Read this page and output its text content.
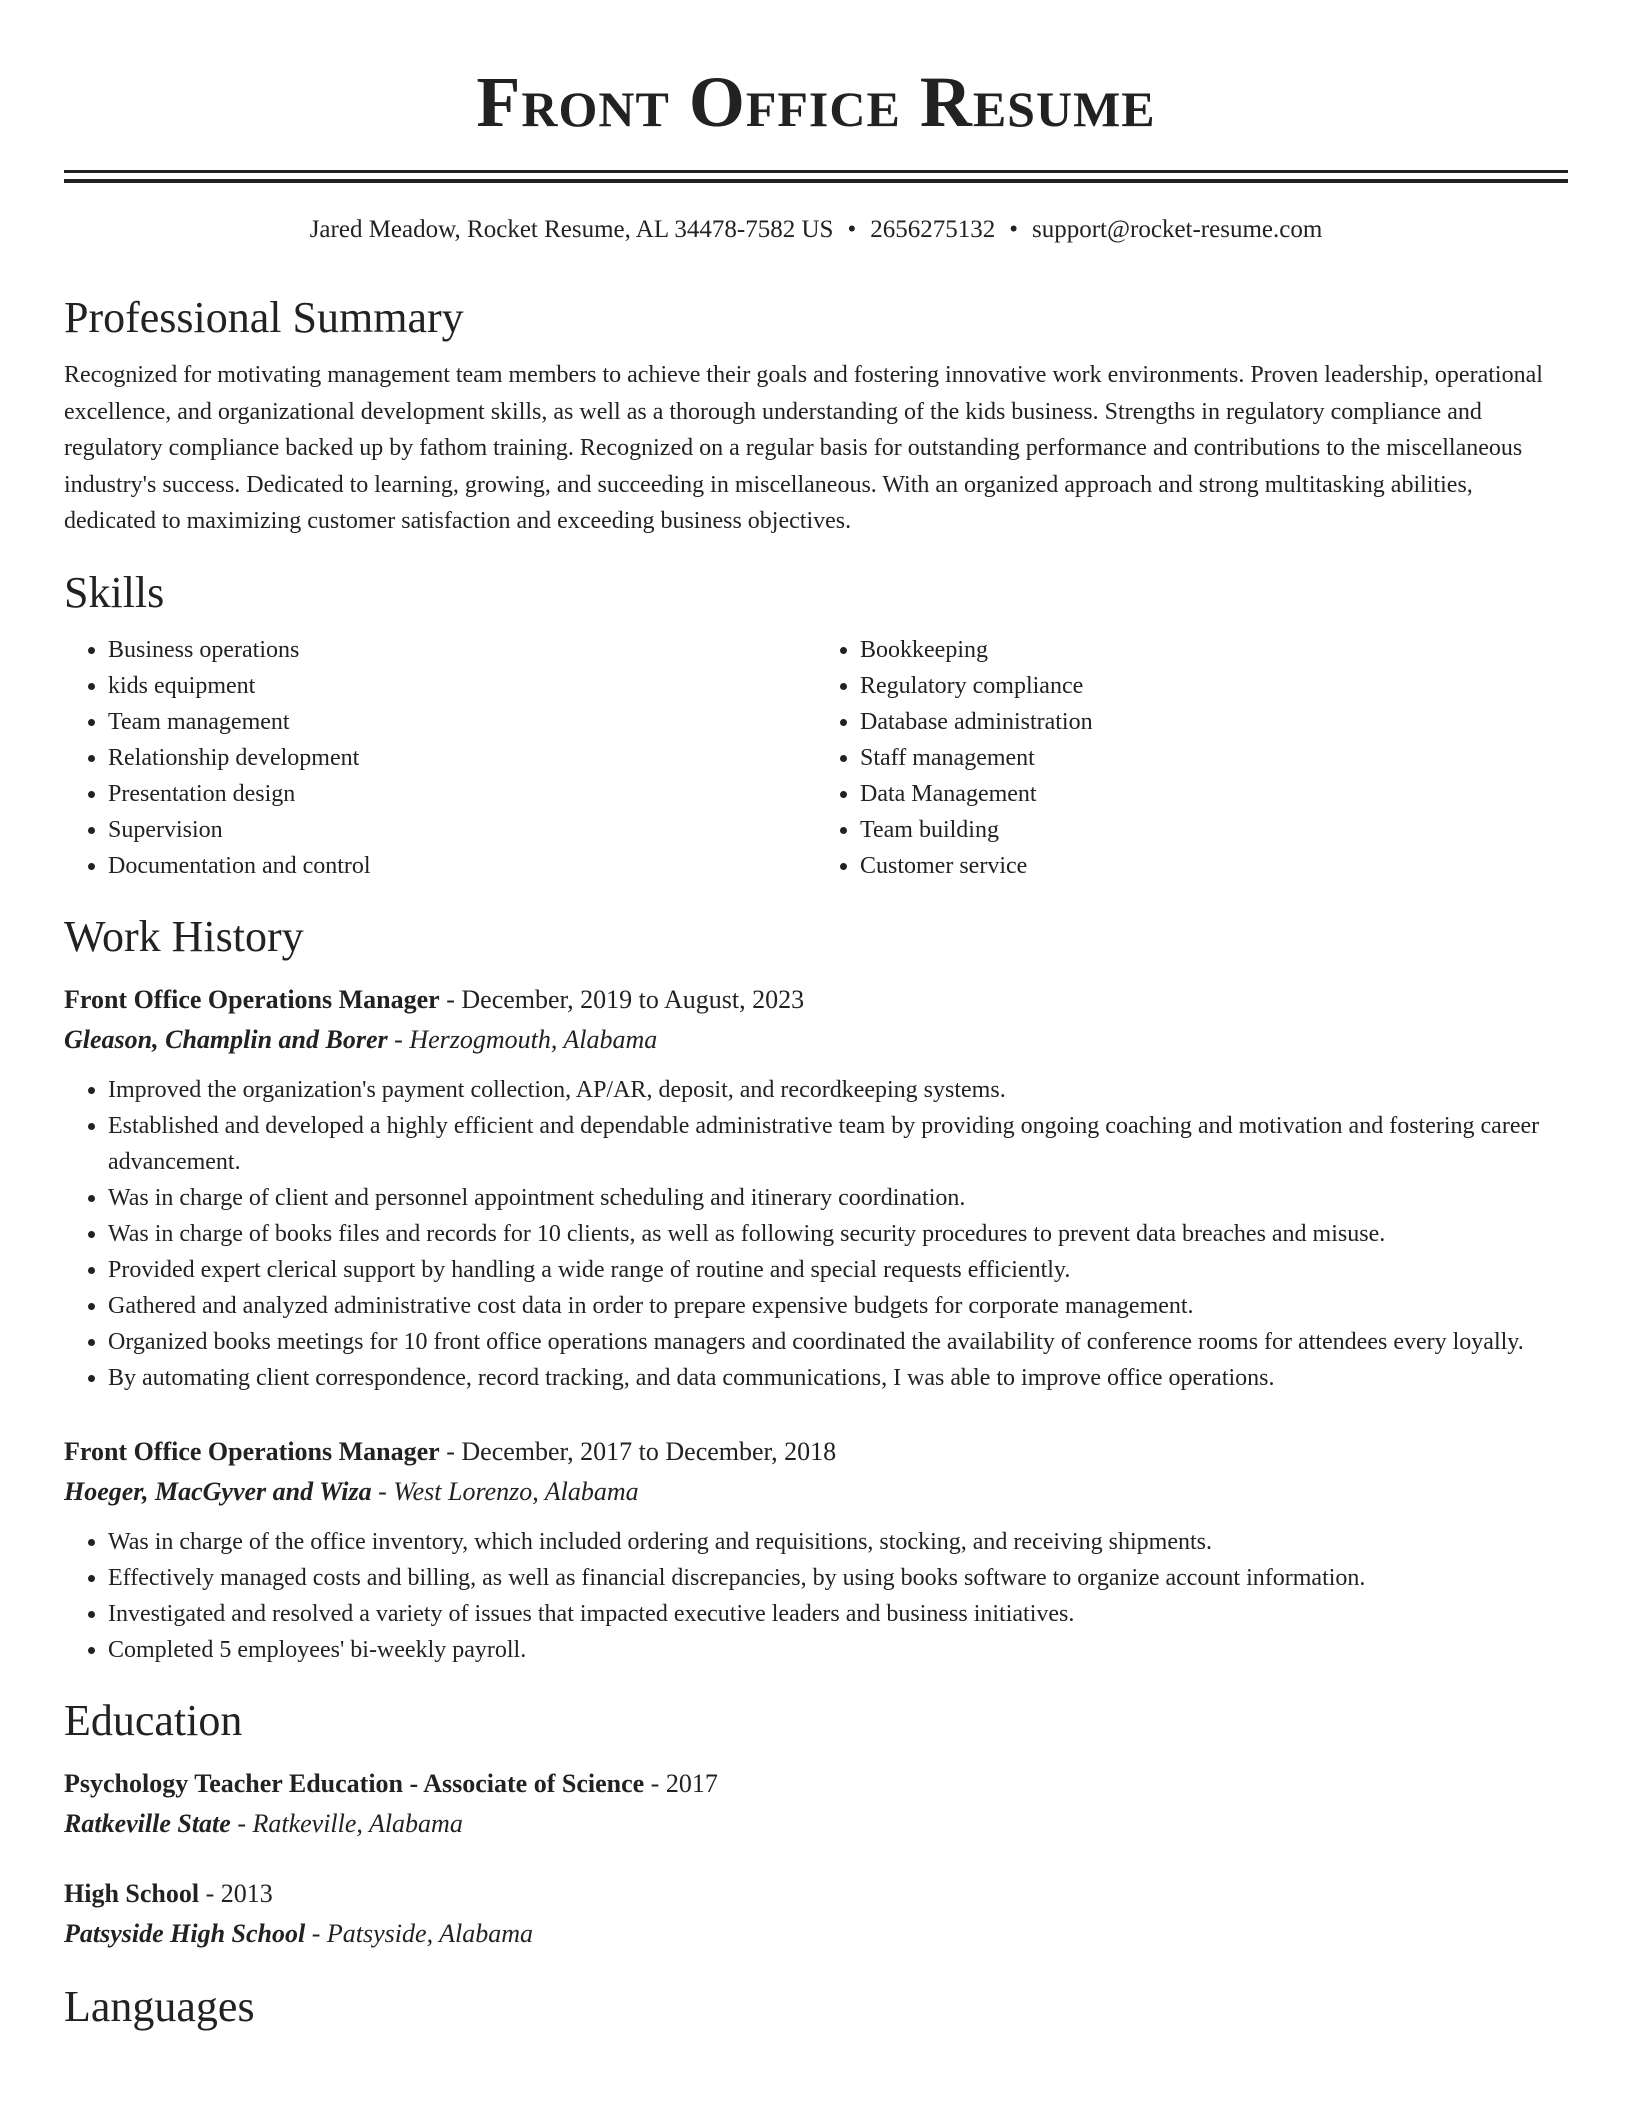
Front Office Resume
Jared Meadow, Rocket Resume, AL 34478-7582 US • 2656275132 • support@rocket-resume.com
Professional Summary

Recognized for motivating management team members to achieve their goals and fostering innovative work environments. Proven leadership, operational excellence, and organizational development skills, as well as a thorough understanding of the kids business. Strengths in regulatory compliance and regulatory compliance backed up by fathom training. Recognized on a regular basis for outstanding performance and contributions to the miscellaneous industry's success. Dedicated to learning, growing, and succeeding in miscellaneous. With an organized approach and strong multitasking abilities, dedicated to maximizing customer satisfaction and exceeding business objectives.

Skills
• Business operations
• kids equipment
• Team management
• Relationship development
• Presentation design
• Supervision
• Documentation and control
• Bookkeeping
• Regulatory compliance
• Database administration
• Staff management
• Data Management
• Team building
• Customer service
Work History
Front Office Operations Manager - December, 2019 to August, 2023
Gleason, Champlin and Borer - Herzogmouth, Alabama
• Improved the organization's payment collection, AP/AR, deposit, and recordkeeping systems.
• Established and developed a highly efficient and dependable administrative team by providing ongoing coaching and motivation and fostering career advancement.
• Was in charge of client and personnel appointment scheduling and itinerary coordination.
• Was in charge of books files and records for 10 clients, as well as following security procedures to prevent data breaches and misuse.
• Provided expert clerical support by handling a wide range of routine and special requests efficiently.
• Gathered and analyzed administrative cost data in order to prepare expensive budgets for corporate management.
• Organized books meetings for 10 front office operations managers and coordinated the availability of conference rooms for attendees every loyally.
• By automating client correspondence, record tracking, and data communications, I was able to improve office operations.
Front Office Operations Manager - December, 2017 to December, 2018
Hoeger, MacGyver and Wiza - West Lorenzo, Alabama
• Was in charge of the office inventory, which included ordering and requisitions, stocking, and receiving shipments.
• Effectively managed costs and billing, as well as financial discrepancies, by using books software to organize account information.
• Investigated and resolved a variety of issues that impacted executive leaders and business initiatives.
• Completed 5 employees' bi-weekly payroll.
Education
Psychology Teacher Education - Associate of Science - 2017
Ratkeville State - Ratkeville, Alabama
High School - 2013
Patsyside High School - Patsyside, Alabama
Languages
